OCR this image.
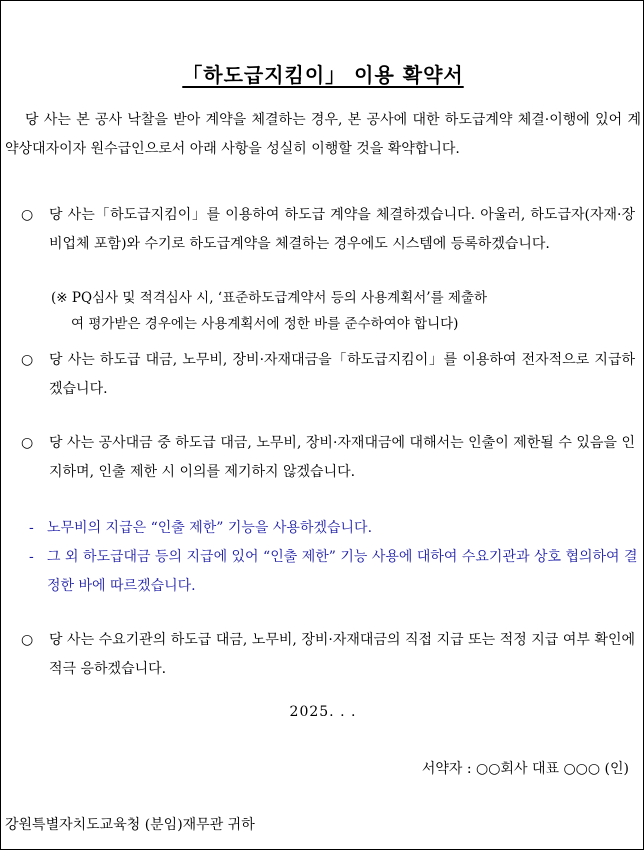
「하도급지킴이」 이용 확약서

당 사는 본 공사 낙찰을 받아 계약을 체결하는 경우, 본 공사에 대한 하도급계약 체결·이행에 있어 계약상대자이자 원수급인으로서 아래 사항을 성실히 이행할 것을 확약합니다.

○	당 사는「하도급지킴이」를 이용하여 하도급 계약을 체결하겠습니다. 아울러, 하도급자(자재·장비업체 포함)와 수기로 하도급계약을 체결하는 경우에도 시스템에 등록하겠습니다.
(※ PQ심사 및 적격심사 시, ‘표준하도급계약서 등의 사용계획서’를 제출하
여 평가받은 경우에는 사용계획서에 정한 바를 준수하여야 합니다)
○	당 사는 하도급 대금, 노무비, 장비·자재대금을「하도급지킴이」를 이용하여 전자적으로 지급하겠습니다.
○	당 사는 공사대금 중 하도급 대금, 노무비, 장비·자재대금에 대해서는 인출이 제한될 수 있음을 인지하며, 인출 제한 시 이의를 제기하지 않겠습니다.
- 노무비의 지급은 “인출 제한” 기능을 사용하겠습니다.
- 그 외 하도급대금 등의 지급에 있어 “인출 제한” 기능 사용에 대하여 수요기관과 상호 협의하여 결정한 바에 따르겠습니다.
○	당 사는 수요기관의 하도급 대금, 노무비, 장비·자재대금의 직접 지급 또는 적정 지급 여부 확인에 적극 응하겠습니다.
2025. . .
서약자 : ○○회사 대표 ○○○ (인)
강원특별자치도교육청 (분임)재무관 귀하
